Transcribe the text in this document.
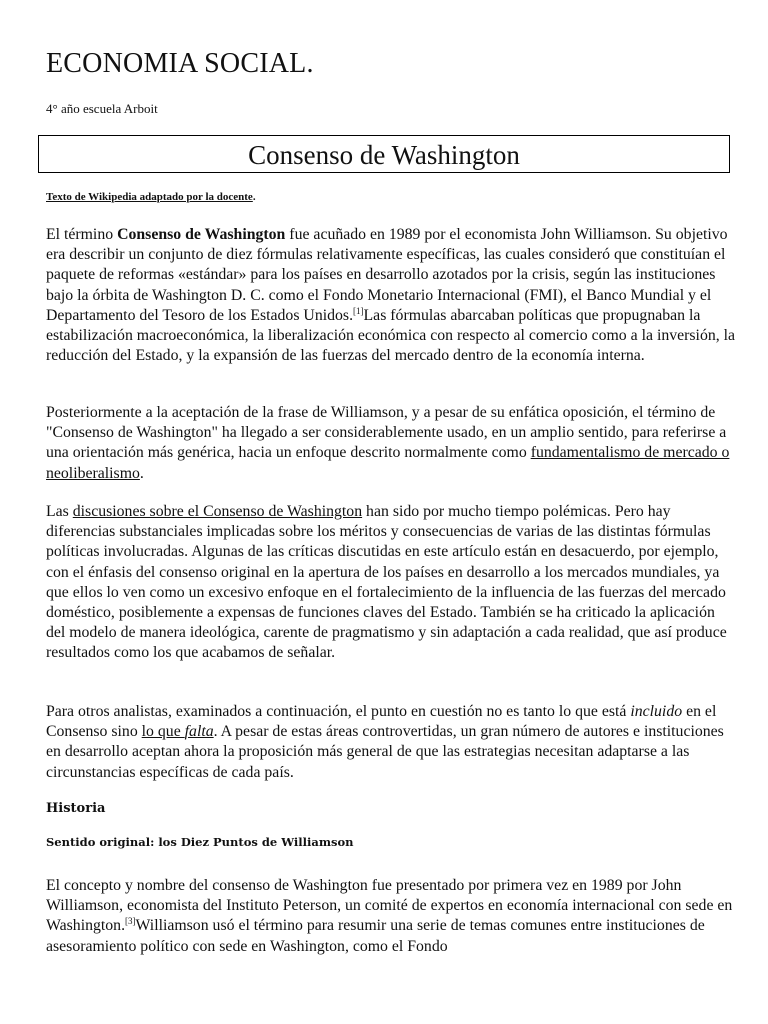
ECONOMIA SOCIAL.
4° año escuela Arboit
Consenso de Washington
Texto de Wikipedia adaptado por la docente.

El término Consenso de Washington fue acuñado en 1989 por el economista John Williamson. Su objetivo era describir un conjunto de diez fórmulas relativamente específicas, las cuales consideró que constituían el paquete de reformas «estándar» para los países en desarrollo azotados por la crisis, según las instituciones bajo la órbita de Washington D. C. como el Fondo Monetario Internacional (FMI), el Banco Mundial y el Departamento del Tesoro de los Estados Unidos.[1]Las fórmulas abarcaban políticas que propugnaban la estabilización macroeconómica, la liberalización económica con respecto al comercio como a la inversión, la reducción del Estado, y la expansión de las fuerzas del mercado dentro de la economía interna.

Posteriormente a la aceptación de la frase de Williamson, y a pesar de su enfática oposición, el término de "Consenso de Washington" ha llegado a ser considerablemente usado, en un amplio sentido, para referirse a una orientación más genérica, hacia un enfoque descrito normalmente como fundamentalismo de mercado o neoliberalismo.

Las discusiones sobre el Consenso de Washington han sido por mucho tiempo polémicas. Pero hay diferencias substanciales implicadas sobre los méritos y consecuencias de varias de las distintas fórmulas políticas involucradas. Algunas de las críticas discutidas en este artículo están en desacuerdo, por ejemplo, con el énfasis del consenso original en la apertura de los países en desarrollo a los mercados mundiales, ya que ellos lo ven como un excesivo enfoque en el fortalecimiento de la influencia de las fuerzas del mercado doméstico, posiblemente a expensas de funciones claves del Estado. También se ha criticado la aplicación del modelo de manera ideológica, carente de pragmatismo y sin adaptación a cada realidad, que así produce resultados como los que acabamos de señalar.

Para otros analistas, examinados a continuación, el punto en cuestión no es tanto lo que está incluido en el Consenso sino lo que falta. A pesar de estas áreas controvertidas, un gran número de autores e instituciones en desarrollo aceptan ahora la proposición más general de que las estrategias necesitan adaptarse a las circunstancias específicas de cada país.

Historia
Sentido original: los Diez Puntos de Williamson

El concepto y nombre del consenso de Washington fue presentado por primera vez en 1989 por John Williamson, economista del Instituto Peterson, un comité de expertos en economía internacional con sede en Washington.[3]Williamson usó el término para resumir una serie de temas comunes entre instituciones de asesoramiento político con sede en Washington, como el Fondo
